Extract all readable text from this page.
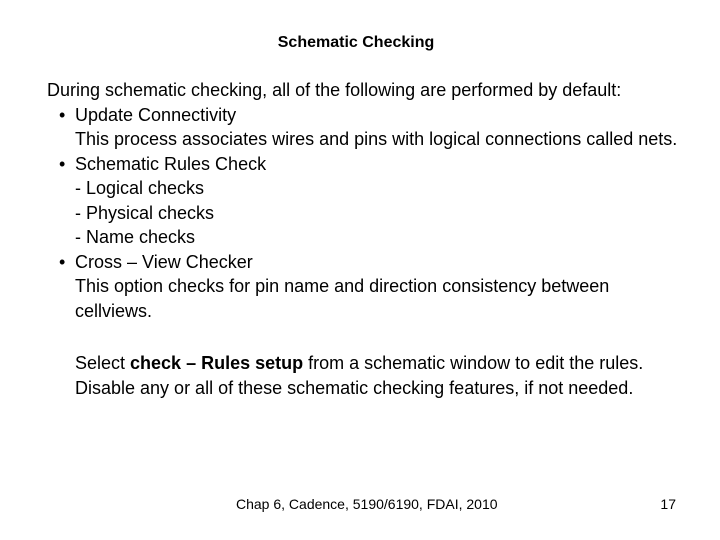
Schematic Checking

During schematic checking, all of the following are performed by default:

• Update Connectivity

This process associates wires and pins with logical connections called nets.

• Schematic Rules Check

- Logical checks

- Physical checks

- Name checks

• Cross – View Checker

This option checks for pin name and direction consistency between cellviews.

Select check – Rules setup from a schematic window to edit the rules. Disable any or all of these schematic checking features, if not needed.

Chap 6, Cadence, 5190/6190, FDAI, 2010	17
